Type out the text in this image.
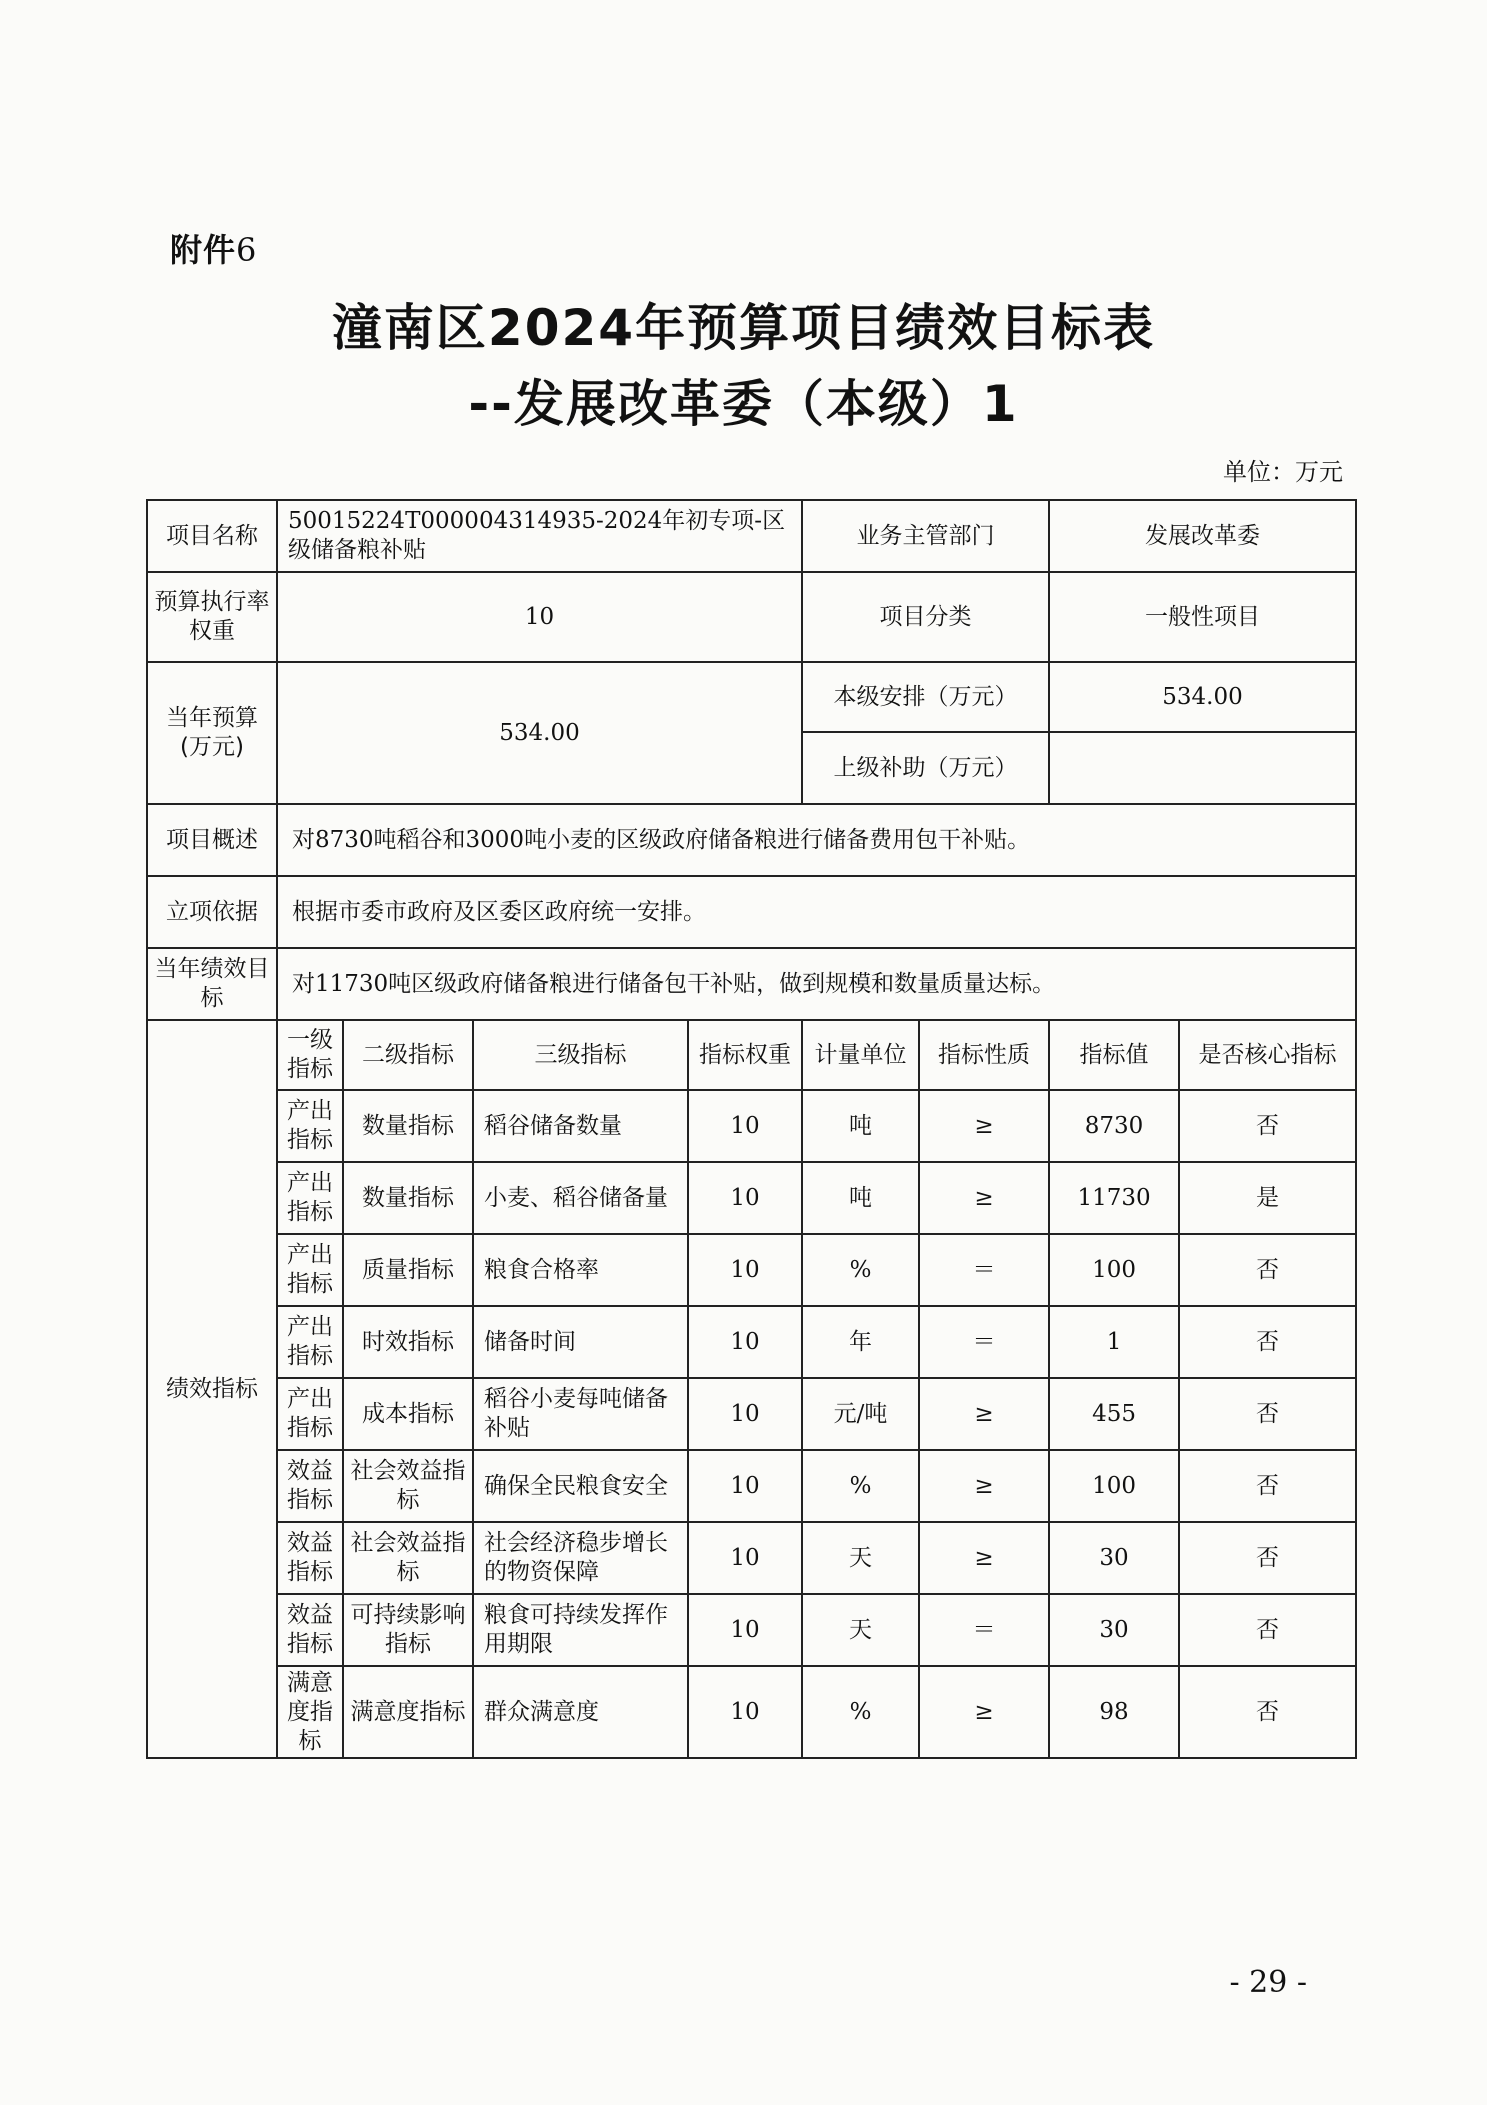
附件6
潼南区2024年预算项目绩效目标表
--发展改革委（本级）1
单位：万元
项目名称	50015224T000004314935-2024年初专项-区级储备粮补贴				业务主管部门		发展改革委	
预算执行率权重	10				项目分类		一般性项目	
当年预算(万元)	534.00				本级安排（万元）		534.00	
					上级补助（万元）			
项目概述	对8730吨稻谷和3000吨小麦的区级政府储备粮进行储备费用包干补贴。							
立项依据	根据市委市政府及区委区政府统一安排。							
当年绩效目标	对11730吨区级政府储备粮进行储备包干补贴，做到规模和数量质量达标。							
绩效指标	一级指标	二级指标	三级指标	指标权重	计量单位	指标性质	指标值	是否核心指标
	产出指标	数量指标	稻谷储备数量	10	吨	≥	8730	否
	产出指标	数量指标	小麦、稻谷储备量	10	吨	≥	11730	是
	产出指标	质量指标	粮食合格率	10	%	＝	100	否
	产出指标	时效指标	储备时间	10	年	＝	1	否
	产出指标	成本指标	稻谷小麦每吨储备补贴	10	元/吨	≥	455	否
	效益指标	社会效益指标	确保全民粮食安全	10	%	≥	100	否
	效益指标	社会效益指标	社会经济稳步增长的物资保障	10	天	≥	30	否
	效益指标	可持续影响指标	粮食可持续发挥作用期限	10	天	＝	30	否
	满意度指标	满意度指标	群众满意度	10	%	≥	98	否
- 29 -
